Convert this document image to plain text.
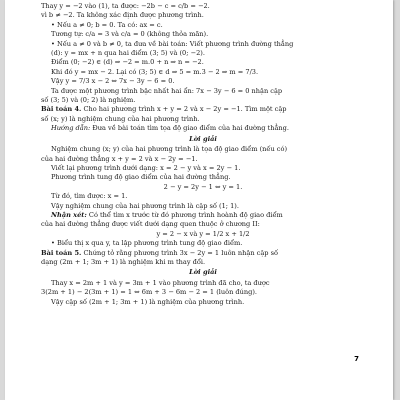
Thay y = −2 vào (1), ta được: −2b − c = c/b = −2.
vì b ≠ −2. Ta không xác định được phương trình.
• Nếu a ≠ 0; b = 0. Ta có: ax = c.
Tương tự: c/a = 3 và c/a = 0 (không thỏa mãn).
• Nếu a ≠ 0 và b ≠ 0, ta đưa về bài toán: Viết phương trình đường thẳng
(d): y = mx + n qua hai điểm (3; 5) và (0; −2).
Điểm (0; −2) ∈ (d) ⇒ −2 = m.0 + n ⇒ n = −2.
Khi đó y = mx − 2. Lại có (3; 5) ∈ d ⇒ 5 = m.3 − 2 ⇒ m = 7/3.
Vậy y = 7/3 x − 2 ⇔ 7x − 3y − 6 = 0.
Ta được một phương trình bậc nhất hai ẩn: 7x − 3y − 6 = 0 nhận cặp
số (3; 5) và (0; 2) là nghiệm.
Bài toán 4. Cho hai phương trình x + y = 2 và x − 2y = −1. Tìm một cặp
số (x; y) là nghiệm chung của hai phương trình.
Hướng dẫn: Đưa về bài toán tìm tọa độ giao điểm của hai đường thẳng.
Lời giải
Nghiệm chung (x; y) của hai phương trình là tọa độ giao điểm (nếu có)
của hai đường thẳng x + y = 2 và x − 2y = −1.
Viết lại phương trình dưới dạng: x = 2 − y và x = 2y − 1.
Phương trình tung độ giao điểm của hai đường thẳng.
2 − y = 2y − 1 ⇔ y = 1.
Từ đó, tìm được: x = 1.
Vậy nghiệm chung của hai phương trình là cặp số (1; 1).
Nhận xét: Có thể tìm x trước từ đó phương trình hoành độ giao điểm
của hai đường thẳng được viết dưới dạng quen thuộc ở chương II:
y = 2 − x và y = 1/2 x + 1/2
• Biểu thị x qua y, ta lập phương trình tung độ giao điểm.
Bài toán 5. Chứng tỏ rằng phương trình 3x − 2y = 1 luôn nhận cặp số
dạng (2m + 1; 3m + 1) là nghiệm khi m thay đổi.
Lời giải
Thay x = 2m + 1 và y = 3m + 1 vào phương trình đã cho, ta được
3(2m + 1) − 2(3m + 1) = 1 ⇔ 6m + 3 − 6m − 2 = 1 (luôn đúng).
Vậy cặp số (2m + 1; 3m + 1) là nghiệm của phương trình.
7
